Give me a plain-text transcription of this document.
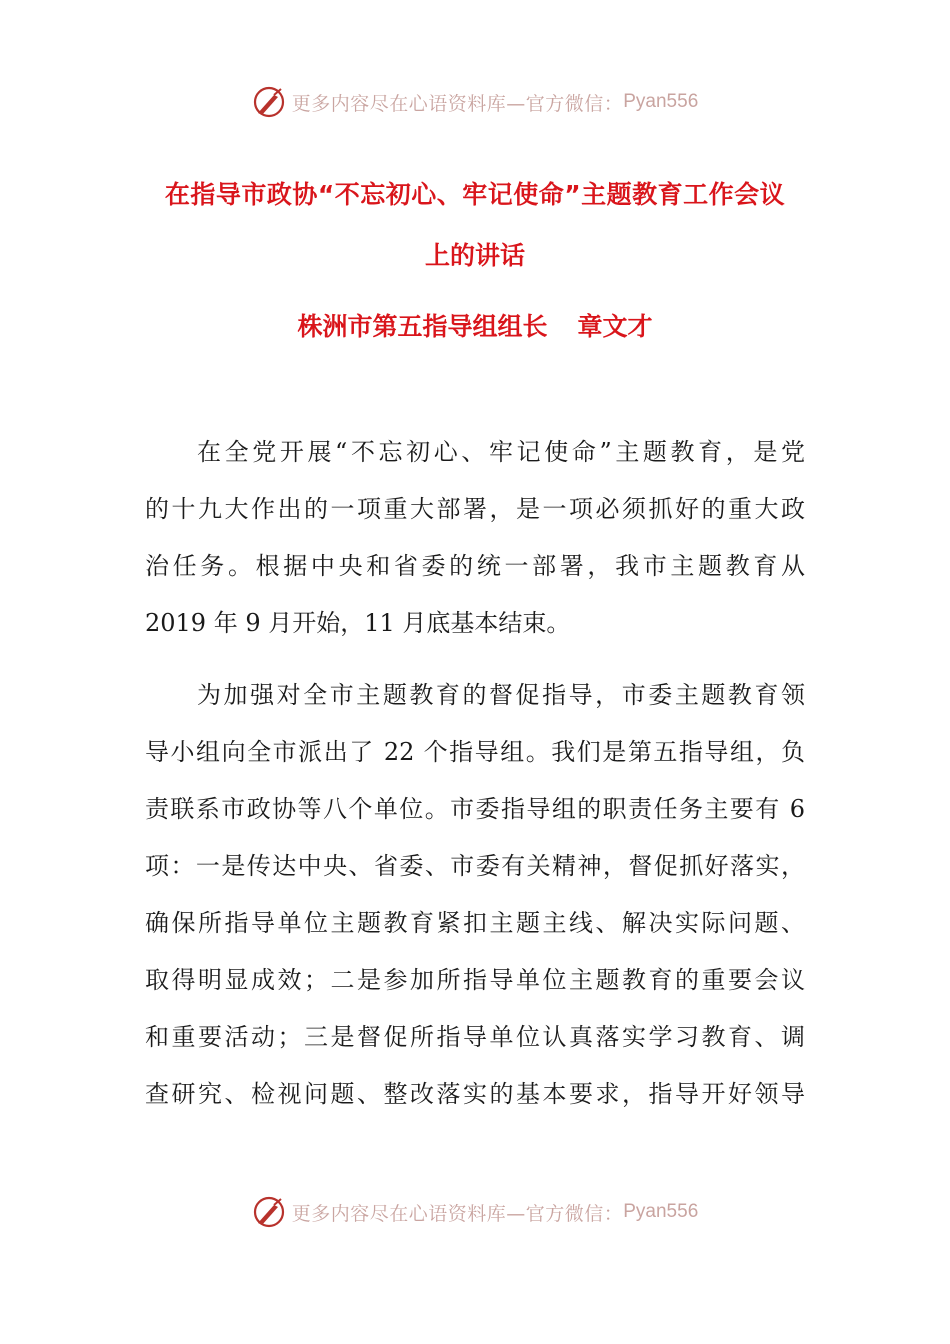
更多内容尽在心语资料库—官方微信： Pyan556
在指导市政协“不忘初心、牢记使命”主题教育工作会议
上的讲话
株洲市第五指导组组长 章文才
在全党开展“不忘初心、牢记使命”主题教育，是党
的十九大作出的一项重大部署，是一项必须抓好的重大政
治任务。根据中央和省委的统一部署，我市主题教育从
2019 年 9 月开始，11 月底基本结束。
为加强对全市主题教育的督促指导，市委主题教育领
导小组向全市派出了 22 个指导组。我们是第五指导组，负
责联系市政协等八个单位。市委指导组的职责任务主要有 6
项：一是传达中央、省委、市委有关精神，督促抓好落实，
确保所指导单位主题教育紧扣主题主线、解决实际问题、
取得明显成效；二是参加所指导单位主题教育的重要会议
和重要活动；三是督促所指导单位认真落实学习教育、调
查研究、检视问题、整改落实的基本要求，指导开好领导
更多内容尽在心语资料库—官方微信： Pyan556
